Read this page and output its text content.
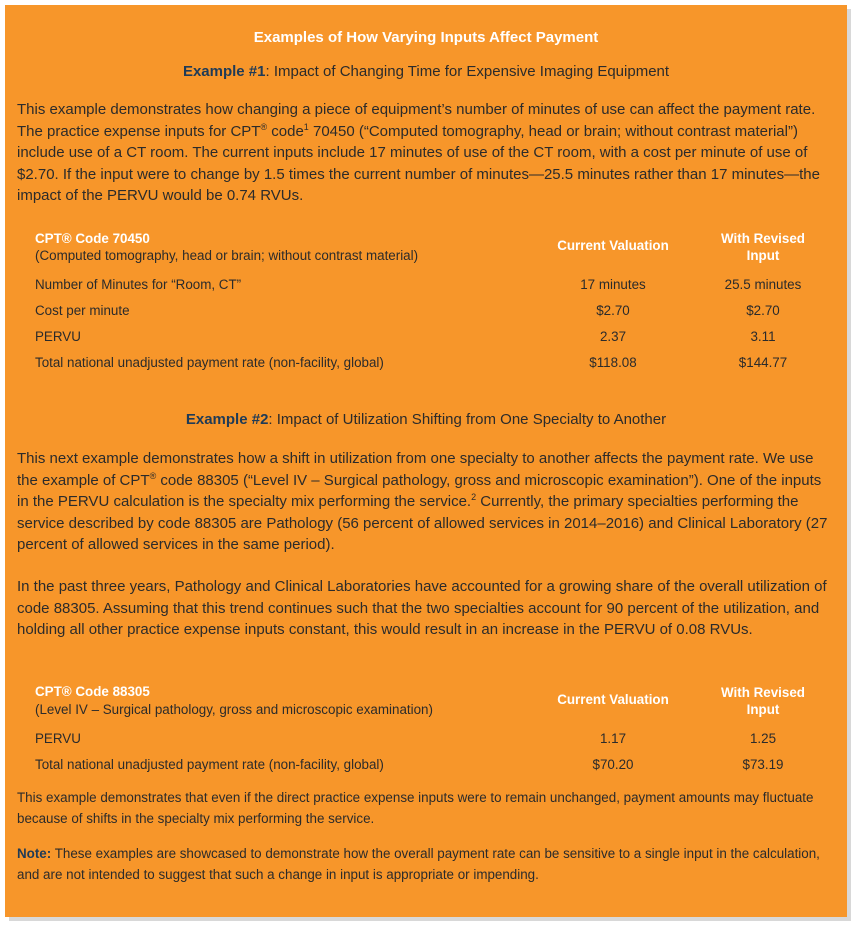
Examples of How Varying Inputs Affect Payment
Example #1: Impact of Changing Time for Expensive Imaging Equipment
This example demonstrates how changing a piece of equipment’s number of minutes of use can affect the payment rate. The practice expense inputs for CPT® code$^1$ 70450 (“Computed tomography, head or brain; without contrast material”) include use of a CT room. The current inputs include 17 minutes of use of the CT room, with a cost per minute of use of $2.70. If the input were to change by 1.5 times the current number of minutes—25.5 minutes rather than 17 minutes—the impact of the PERVU would be 0.74 RVUs.
CPT® Code 70450
(Computed tomography, head or brain; without contrast material)
Current Valuation	With Revised
Input
Number of Minutes for “Room, CT”	17 minutes	25.5 minutes
Cost per minute	$2.70	$2.70
PERVU	2.37	3.11
Total national unadjusted payment rate (non-facility, global)	$118.08	$144.77
Example #2: Impact of Utilization Shifting from One Specialty to Another
This next example demonstrates how a shift in utilization from one specialty to another affects the payment rate. We use the example of CPT® code 88305 (“Level IV – Surgical pathology, gross and microscopic examination”). One of the inputs in the PERVU calculation is the specialty mix performing the service.$^2$ Currently, the primary specialties performing the service described by code 88305 are Pathology (56 percent of allowed services in 2014–2016) and Clinical Laboratory (27 percent of allowed services in the same period).
In the past three years, Pathology and Clinical Laboratories have accounted for a growing share of the overall utilization of code 88305. Assuming that this trend continues such that the two specialties account for 90 percent of the utilization, and holding all other practice expense inputs constant, this would result in an increase in the PERVU of 0.08 RVUs.
CPT® Code 88305
(Level IV – Surgical pathology, gross and microscopic examination)
Current Valuation	With Revised
Input
PERVU	1.17	1.25
Total national unadjusted payment rate (non-facility, global)	$70.20	$73.19
This example demonstrates that even if the direct practice expense inputs were to remain unchanged, payment amounts may fluctuate because of shifts in the specialty mix performing the service.
Note: These examples are showcased to demonstrate how the overall payment rate can be sensitive to a single input in the calculation, and are not intended to suggest that such a change in input is appropriate or impending.
